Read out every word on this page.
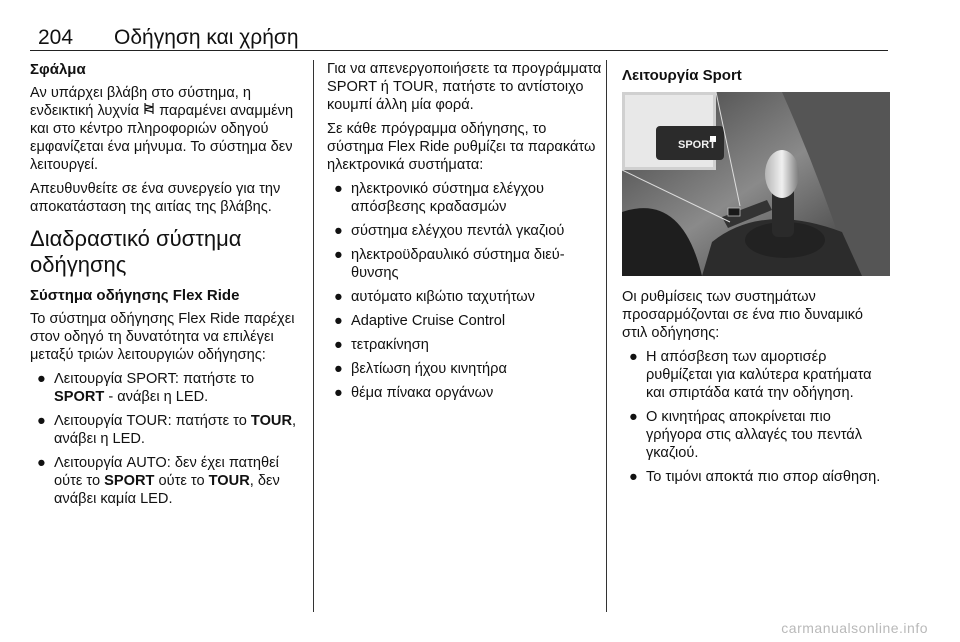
204 Οδήγηση και χρήση
Σφάλμα

Αν υπάρχει βλάβη στο σύστημα, η ενδεικτική λυχνία  παραμένει αναμμένη και στο κέντρο πληροφοριών οδηγού εμφανίζεται ένα μήνυμα. Το σύστημα δεν λειτουργεί.

Απευθυνθείτε σε ένα συνεργείο για την αποκατάσταση της αιτίας της βλάβης.

Διαδραστικό σύστημα οδήγησης
Σύστημα οδήγησης Flex Ride

Το σύστημα οδήγησης Flex Ride παρέχει στον οδηγό τη δυνατότητα να επιλέγει μεταξύ τριών λειτουργιών οδήγησης:

● Λειτουργία SPORT: πατήστε το SPORT - ανάβει η LED.
● Λειτουργία TOUR: πατήστε το TOUR, ανάβει η LED.
● Λειτουργία AUTO: δεν έχει πατηθεί ούτε το SPORT ούτε το TOUR, δεν ανάβει καμία LED.

Για να απενεργοποιήσετε τα προγράμματα SPORT ή TOUR, πατήστε το αντίστοιχο κουμπί άλλη μία φορά.

Σε κάθε πρόγραμμα οδήγησης, το σύστημα Flex Ride ρυθμίζει τα παρακάτω ηλεκτρονικά συστήματα:

● ηλεκτρονικό σύστημα ελέγχου απόσβεσης κραδασμών
● σύστημα ελέγχου πεντάλ γκαζιού
● ηλεκτροϋδραυλικό σύστημα διεύθυνσης
● αυτόματο κιβώτιο ταχυτήτων
● Adaptive Cruise Control
● τετρακίνηση
● βελτίωση ήχου κινητήρα
● θέμα πίνακα οργάνων
Λειτουργία Sport
SPORT

Οι ρυθμίσεις των συστημάτων προσαρμόζονται σε ένα πιο δυναμικό στιλ οδήγησης:

● Η απόσβεση των αμορτισέρ ρυθμίζεται για καλύτερα κρατήματα και σπιρτάδα κατά την οδήγηση.
● Ο κινητήρας αποκρίνεται πιο γρήγορα στις αλλαγές του πεντάλ γκαζιού.
● Το τιμόνι αποκτά πιο σπορ αίσθηση.
carmanualsonline.info
